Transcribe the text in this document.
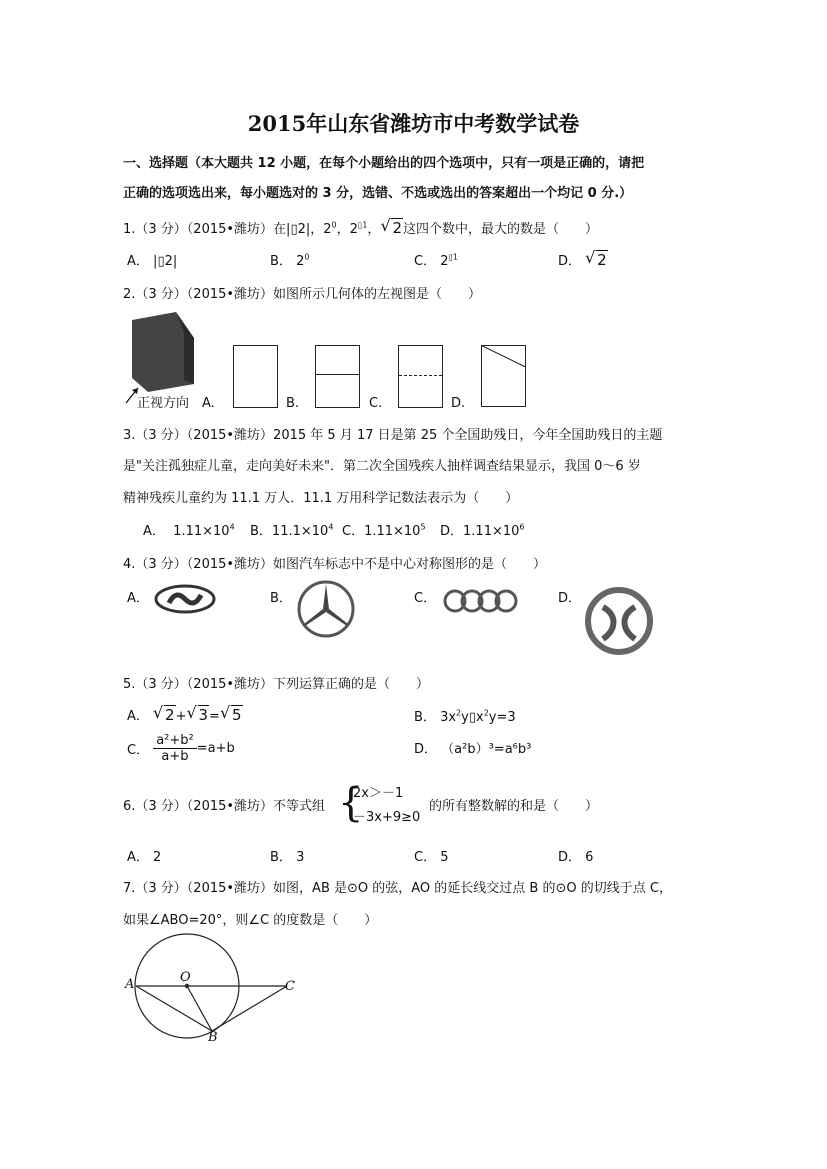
2015年山东省潍坊市中考数学试卷
一、选择题（本大题共 12 小题，在每个小题给出的四个选项中，只有一项是正确的，请把
正确的选项选出来，每小题选对的 3 分，选错、不选或选出的答案超出一个均记 0 分.）
1.（3 分）（2015•潍坊）在|▯2|，$2^0$，$2^{▯1}$， √ 2这四个数中，最大的数是（　　）
A． |▯2|	B． $2^0$	C． $2^{▯1}$	D． √ 2
2.（3 分）（2015•潍坊）如图所示几何体的左视图是（　　）
正视方向 A.	B.	C.	D.
3.（3 分）（2015•潍坊）2015 年 5 月 17 日是第 25 个全国助残日，今年全国助残日的主题
是"关注孤独症儿童，走向美好未来"．第二次全国残疾人抽样调查结果显示，我国 0～6 岁
精神残疾儿童约为 11.1 万人．11.1 万用科学记数法表示为（　　）
A． $1.11\times 10^4$ B．$11.1\times 10^4$ C．$1.11\times 10^5$ D．$1.11\times 10^6$
4.（3 分）（2015•潍坊）如图汽车标志中不是中心对称图形的是（　　）
A．	B．	C．	D．
5.（3 分）（2015•潍坊）下列运算正确的是（　　）
A． √ 2+ √ 3= √ 5	B． $3x^2y▯x^2y=3$
C． $\frac{\text{a²+b²}}{a+b} =a+b$	D． （a²b）³=a⁶b³
6.（3 分）（2015•潍坊）不等式组 {
2x＞－1
－3x+9≥0
的所有整数解的和是（　　）
A． 2	B． 3	C． 5	D． 6
7.（3 分）（2015•潍坊）如图，AB 是⊙O 的弦，AO 的延长线交过点 B 的⊙O 的切线于点 C，
如果∠ABO=20°，则∠C 的度数是（　　）
A	O
C
B
